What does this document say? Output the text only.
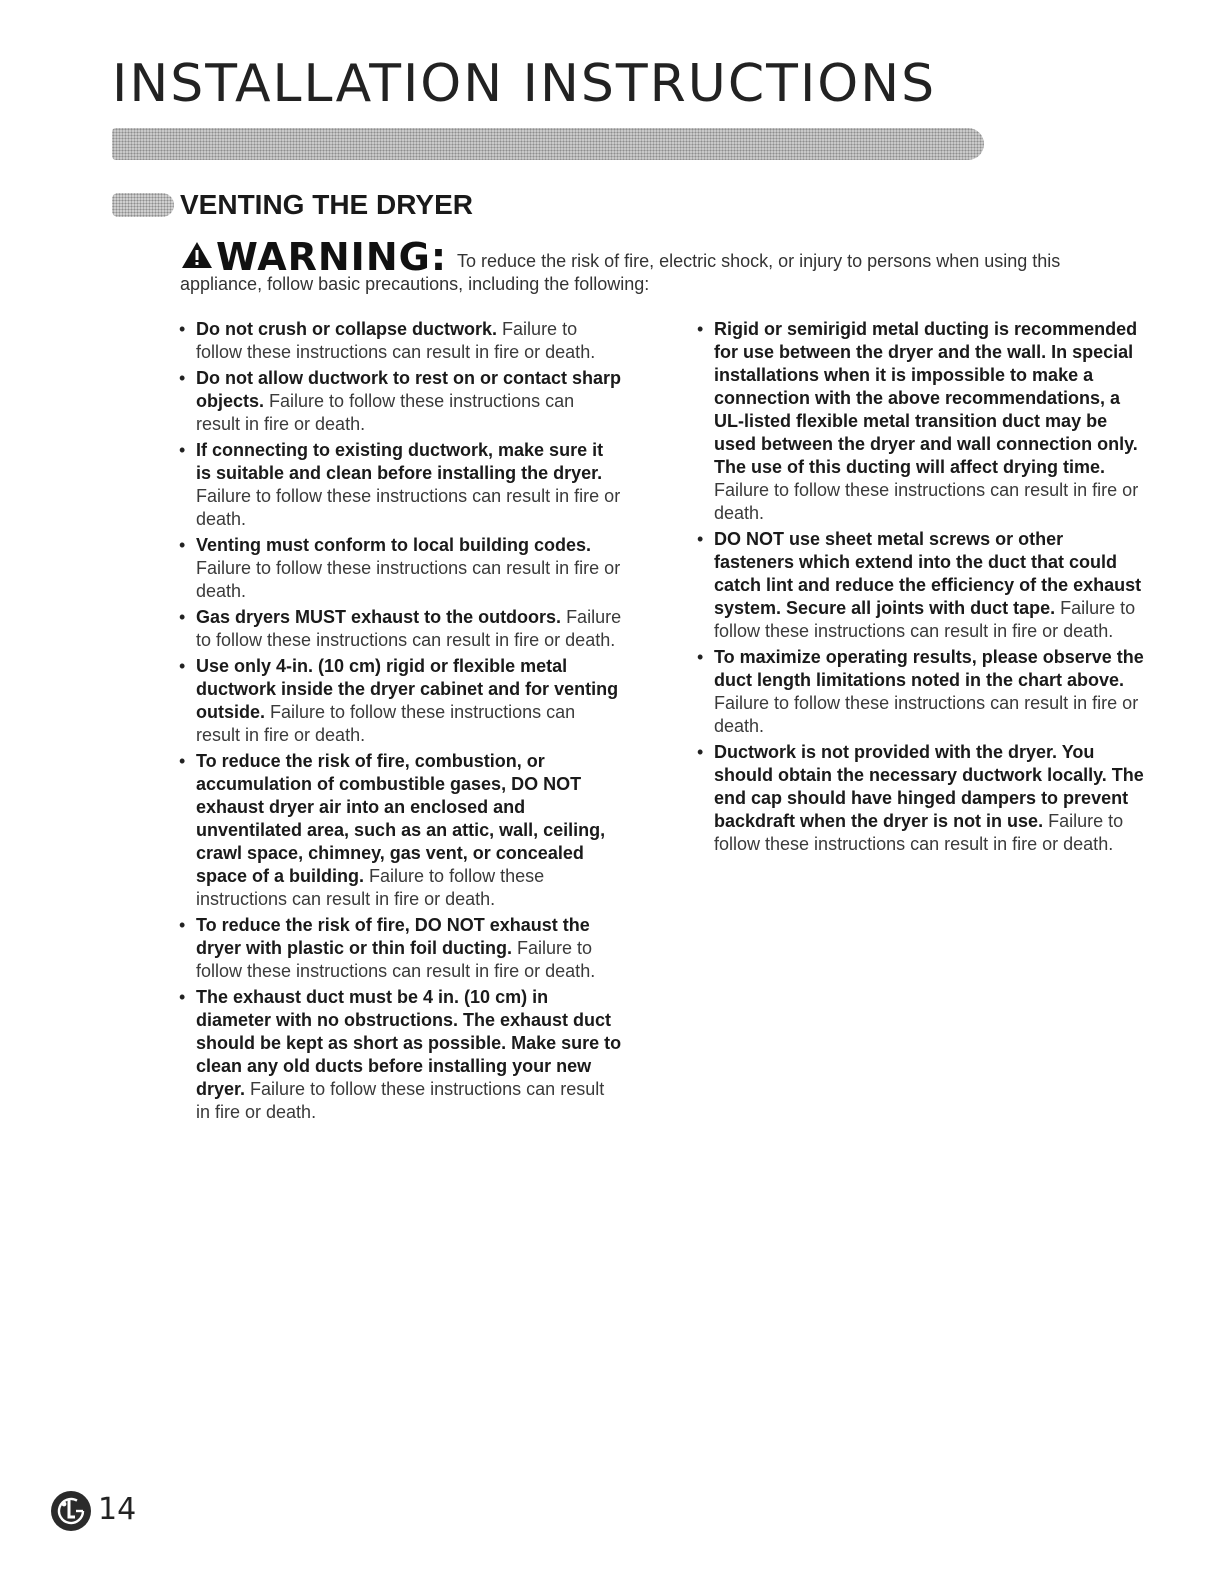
INSTALLATION INSTRUCTIONS
VENTING THE DRYER
WARNING: To reduce the risk of fire, electric shock, or injury to persons when using this appliance, follow basic precautions, including the following:
• Do not crush or collapse ductwork. Failure to follow these instructions can result in fire or death.
• Do not allow ductwork to rest on or contact sharp objects. Failure to follow these instructions can result in fire or death.
• If connecting to existing ductwork, make sure it is suitable and clean before installing the dryer. Failure to follow these instructions can result in fire or death.
• Venting must conform to local building codes. Failure to follow these instructions can result in fire or death.
• Gas dryers MUST exhaust to the outdoors. Failure to follow these instructions can result in fire or death.
• Use only 4-in. (10 cm) rigid or flexible metal ductwork inside the dryer cabinet and for venting outside. Failure to follow these instructions can result in fire or death.
• To reduce the risk of fire, combustion, or accumulation of combustible gases, DO NOT exhaust dryer air into an enclosed and unventilated area, such as an attic, wall, ceiling, crawl space, chimney, gas vent, or concealed space of a building. Failure to follow these instructions can result in fire or death.
• To reduce the risk of fire, DO NOT exhaust the dryer with plastic or thin foil ducting. Failure to follow these instructions can result in fire or death.
• The exhaust duct must be 4 in. (10 cm) in diameter with no obstructions. The exhaust duct should be kept as short as possible. Make sure to clean any old ducts before installing your new dryer. Failure to follow these instructions can result in fire or death.
• Rigid or semirigid metal ducting is recommended for use between the dryer and the wall. In special installations when it is impossible to make a connection with the above recommendations, a UL-listed flexible metal transition duct may be used between the dryer and wall connection only. The use of this ducting will affect drying time. Failure to follow these instructions can result in fire or death.
• DO NOT use sheet metal screws or other fasteners which extend into the duct that could catch lint and reduce the efficiency of the exhaust system. Secure all joints with duct tape. Failure to follow these instructions can result in fire or death.
• To maximize operating results, please observe the duct length limitations noted in the chart above. Failure to follow these instructions can result in fire or death.
• Ductwork is not provided with the dryer. You should obtain the necessary ductwork locally. The end cap should have hinged dampers to prevent backdraft when the dryer is not in use. Failure to follow these instructions can result in fire or death.
14
